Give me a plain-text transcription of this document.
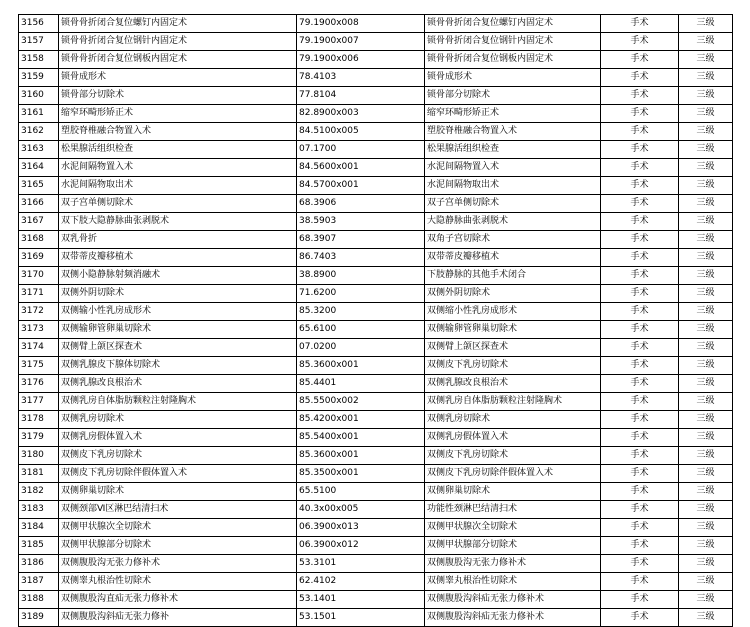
3156	锁骨骨折闭合复位螺钉内固定术	79.1900x008	锁骨骨折闭合复位螺钉内固定术	手术	三级
3157	锁骨骨折闭合复位钢针内固定术	79.1900x007	锁骨骨折闭合复位钢针内固定术	手术	三级
3158	锁骨骨折闭合复位钢板内固定术	79.1900x006	锁骨骨折闭合复位钢板内固定术	手术	三级
3159	锁骨成形术	78.4103	锁骨成形术	手术	三级
3160	锁骨部分切除术	77.8104	锁骨部分切除术	手术	三级
3161	缩窄环畸形矫正术	82.8900x003	缩窄环畸形矫正术	手术	三级
3162	塑胶脊椎融合物置入术	84.5100x005	塑胶脊椎融合物置入术	手术	三级
3163	松果腺活组织检查	07.1700	松果腺活组织检查	手术	三级
3164	水泥间隔物置入术	84.5600x001	水泥间隔物置入术	手术	三级
3165	水泥间隔物取出术	84.5700x001	水泥间隔物取出术	手术	三级
3166	双子宫单侧切除术	68.3906	双子宫单侧切除术	手术	三级
3167	双下肢大隐静脉曲张剥脱术	38.5903	大隐静脉曲张剥脱术	手术	三级
3168	双乳骨折	68.3907	双角子宫切除术	手术	三级
3169	双带蒂皮瓣移植术	86.7403	双带蒂皮瓣移植术	手术	三级
3170	双侧小隐静脉射频消融术	38.8900	下肢静脉的其他手术闭合	手术	三级
3171	双侧外阴切除术	71.6200	双侧外阴切除术	手术	三级
3172	双侧输小性乳房成形术	85.3200	双侧缩小性乳房成形术	手术	三级
3173	双侧输卵管卵巢切除术	65.6100	双侧输卵管卵巢切除术	手术	三级
3174	双侧臂上颌区探查术	07.0200	双侧臂上颌区探查术	手术	三级
3175	双侧乳腺皮下腺体切除术	85.3600x001	双侧皮下乳房切除术	手术	三级
3176	双侧乳腺改良根治术	85.4401	双侧乳腺改良根治术	手术	三级
3177	双侧乳房自体脂肪颗粒注射隆胸术	85.5500x002	双侧乳房自体脂肪颗粒注射隆胸术	手术	三级
3178	双侧乳房切除术	85.4200x001	双侧乳房切除术	手术	三级
3179	双侧乳房假体置入术	85.5400x001	双侧乳房假体置入术	手术	三级
3180	双侧皮下乳房切除术	85.3600x001	双侧皮下乳房切除术	手术	三级
3181	双侧皮下乳房切除伴假体置入术	85.3500x001	双侧皮下乳房切除伴假体置入术	手术	三级
3182	双侧卵巢切除术	65.5100	双侧卵巢切除术	手术	三级
3183	双侧颈部Ⅵ区淋巴结清扫术	40.3x00x005	功能性颈淋巴结清扫术	手术	三级
3184	双侧甲状腺次全切除术	06.3900x013	双侧甲状腺次全切除术	手术	三级
3185	双侧甲状腺部分切除术	06.3900x012	双侧甲状腺部分切除术	手术	三级
3186	双侧腹股沟无张力修补术	53.3101	双侧腹股沟无张力修补术	手术	三级
3187	双侧睾丸根治性切除术	62.4102	双侧睾丸根治性切除术	手术	三级
3188	双侧腹股沟直疝无张力修补术	53.1401	双侧腹股沟斜疝无张力修补术	手术	三级
3189	双侧腹股沟斜疝无张力修补	53.1501	双侧腹股沟斜疝无张力修补术	手术	三级
